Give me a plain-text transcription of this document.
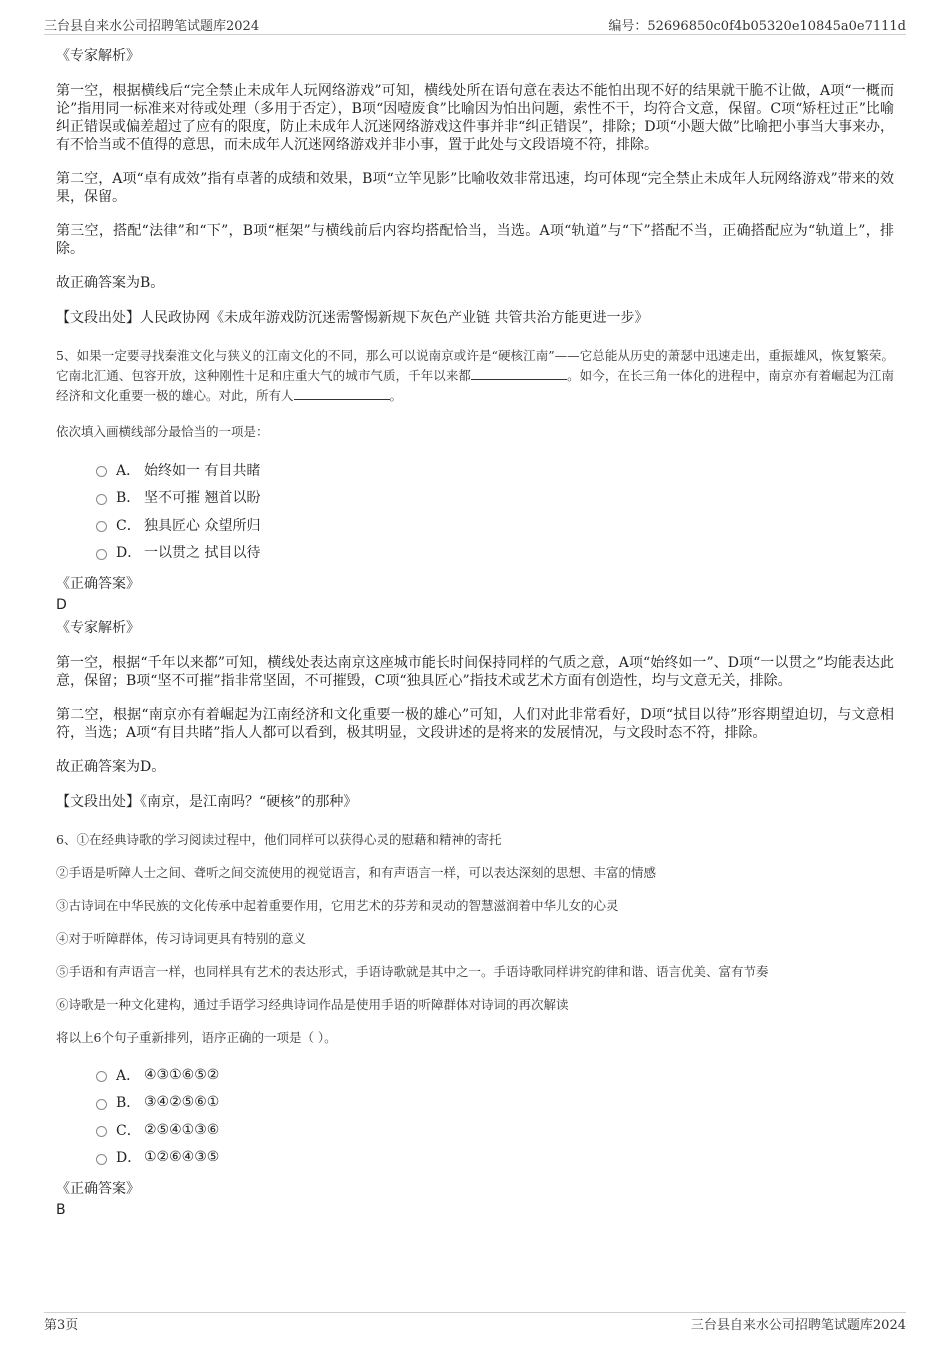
三台县自来水公司招聘笔试题库2024	编号：52696850c0f4b05320e10845a0e7111d
《专家解析》

第一空，根据横线后“完全禁止未成年人玩网络游戏”可知，横线处所在语句意在表达不能怕出现不好的结果就干脆不让做，A项“一概而论”指用同一标准来对待或处理（多用于否定），B项“因噎废食”比喻因为怕出问题，索性不干，均符合文意，保留。C项“矫枉过正”比喻纠正错误或偏差超过了应有的限度，防止未成年人沉迷网络游戏这件事并非“纠正错误”，排除；D项“小题大做”比喻把小事当大事来办，有不恰当或不值得的意思，而未成年人沉迷网络游戏并非小事，置于此处与文段语境不符，排除。

第二空，A项“卓有成效”指有卓著的成绩和效果，B项“立竿见影”比喻收效非常迅速，均可体现“完全禁止未成年人玩网络游戏”带来的效果，保留。

第三空，搭配“法律”和“下”，B项“框架”与横线前后内容均搭配恰当，当选。A项“轨道”与“下”搭配不当，正确搭配应为“轨道上”，排除。

故正确答案为B。

【文段出处】人民政协网《未成年游戏防沉迷需警惕新规下灰色产业链 共管共治方能更进一步》

5、如果一定要寻找秦淮文化与狭义的江南文化的不同，那么可以说南京或许是“硬核江南”——它总能从历史的萧瑟中迅速走出，重振雄风，恢复繁荣。它南北汇通、包容开放，这种刚性十足和庄重大气的城市气质，千年以来都	。如今，在长三角一体化的进程中，南京亦有着崛起为江南经济和文化重要一极的雄心。对此，所有人	。

依次填入画横线部分最恰当的一项是：

A． 始终如一 有目共睹
B． 坚不可摧 翘首以盼
C． 独具匠心 众望所归
D． 一以贯之 拭目以待
《正确答案》
D
《专家解析》

第一空，根据“千年以来都”可知，横线处表达南京这座城市能长时间保持同样的气质之意，A项“始终如一”、D项“一以贯之”均能表达此意，保留；B项“坚不可摧”指非常坚固，不可摧毁，C项“独具匠心”指技术或艺术方面有创造性，均与文意无关，排除。

第二空，根据“南京亦有着崛起为江南经济和文化重要一极的雄心”可知，人们对此非常看好，D项“拭目以待”形容期望迫切，与文意相符，当选；A项“有目共睹”指人人都可以看到，极其明显，文段讲述的是将来的发展情况，与文段时态不符，排除。

故正确答案为D。

【文段出处】《南京，是江南吗？“硬核”的那种》

6、①在经典诗歌的学习阅读过程中，他们同样可以获得心灵的慰藉和精神的寄托

②手语是听障人士之间、聋听之间交流使用的视觉语言，和有声语言一样，可以表达深刻的思想、丰富的情感

③古诗词在中华民族的文化传承中起着重要作用，它用艺术的芬芳和灵动的智慧滋润着中华儿女的心灵

④对于听障群体，传习诗词更具有特别的意义

⑤手语和有声语言一样，也同样具有艺术的表达形式，手语诗歌就是其中之一。手语诗歌同样讲究韵律和谐、语言优美、富有节奏

⑥诗歌是一种文化建构，通过手语学习经典诗词作品是使用手语的听障群体对诗词的再次解读

将以上6个句子重新排列，语序正确的一项是（ ）。

A． ④③①⑥⑤②
B． ③④②⑤⑥①
C． ②⑤④①③⑥
D． ①②⑥④③⑤
《正确答案》
B
第3页	三台县自来水公司招聘笔试题库2024
